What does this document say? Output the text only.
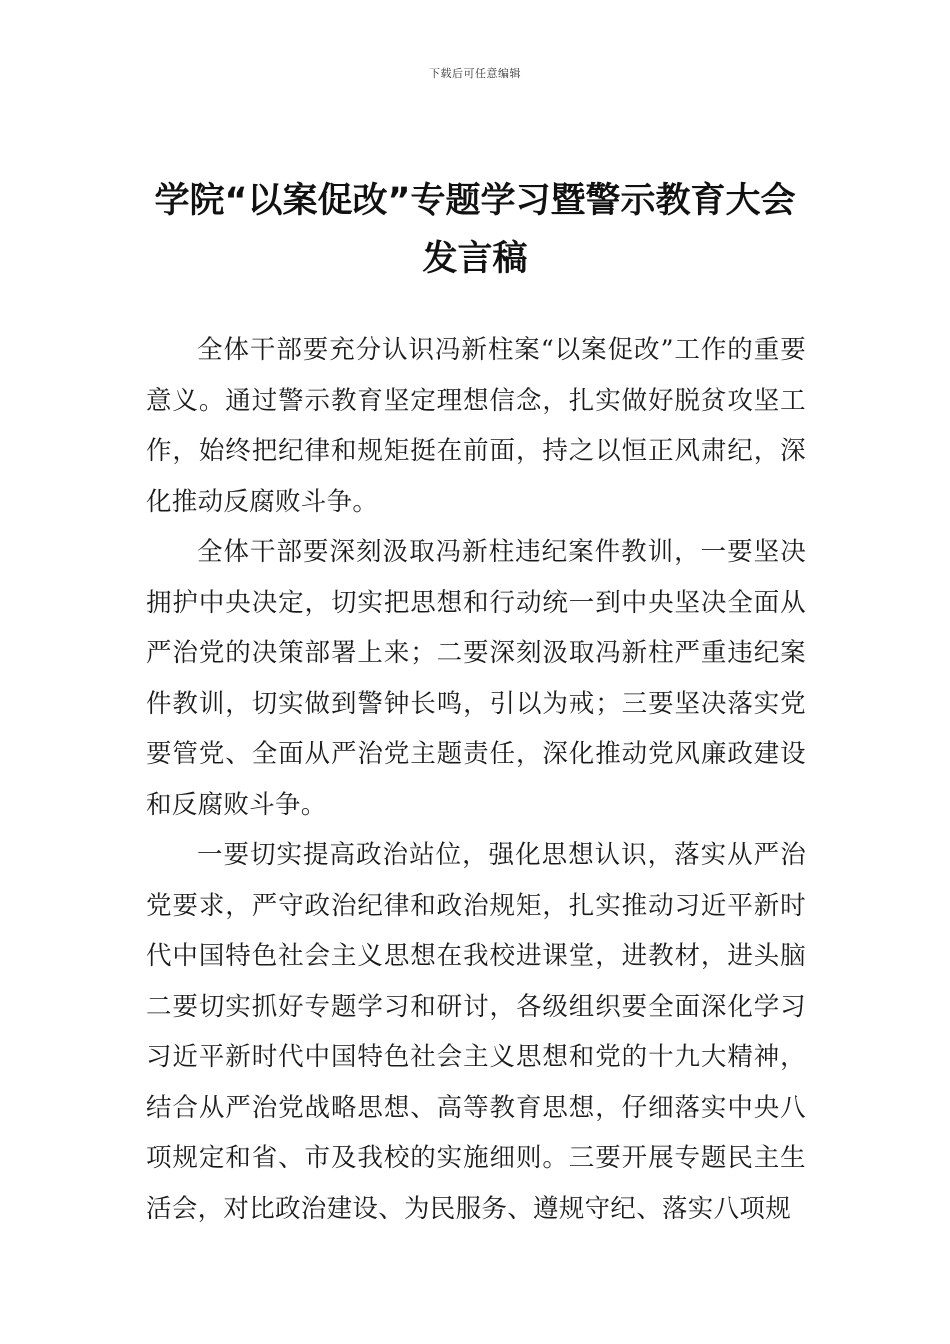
下载后可任意编辑
学院“以案促改”专题学习暨警示教育大会发言稿

全体干部要充分认识冯新柱案“以案促改”工作的重要意义。通过警示教育坚定理想信念，扎实做好脱贫攻坚工作，始终把纪律和规矩挺在前面，持之以恒正风肃纪，深化推动反腐败斗争。

全体干部要深刻汲取冯新柱违纪案件教训，一要坚决拥护中央决定，切实把思想和行动统一到中央坚决全面从严治党的决策部署上来；二要深刻汲取冯新柱严重违纪案件教训，切实做到警钟长鸣，引以为戒；三要坚决落实党要管党、全面从严治党主题责任，深化推动党风廉政建设和反腐败斗争。

一要切实提高政治站位，强化思想认识，落实从严治党要求，严守政治纪律和政治规矩，扎实推动习近平新时代中国特色社会主义思想在我校进课堂，进教材，进头脑二要切实抓好专题学习和研讨，各级组织要全面深化学习习近平新时代中国特色社会主义思想和党的十九大精神，结合从严治党战略思想、高等教育思想，仔细落实中央八项规定和省、市及我校的实施细则。三要开展专题民主生活会，对比政治建设、为民服务、遵规守纪、落实八项规
